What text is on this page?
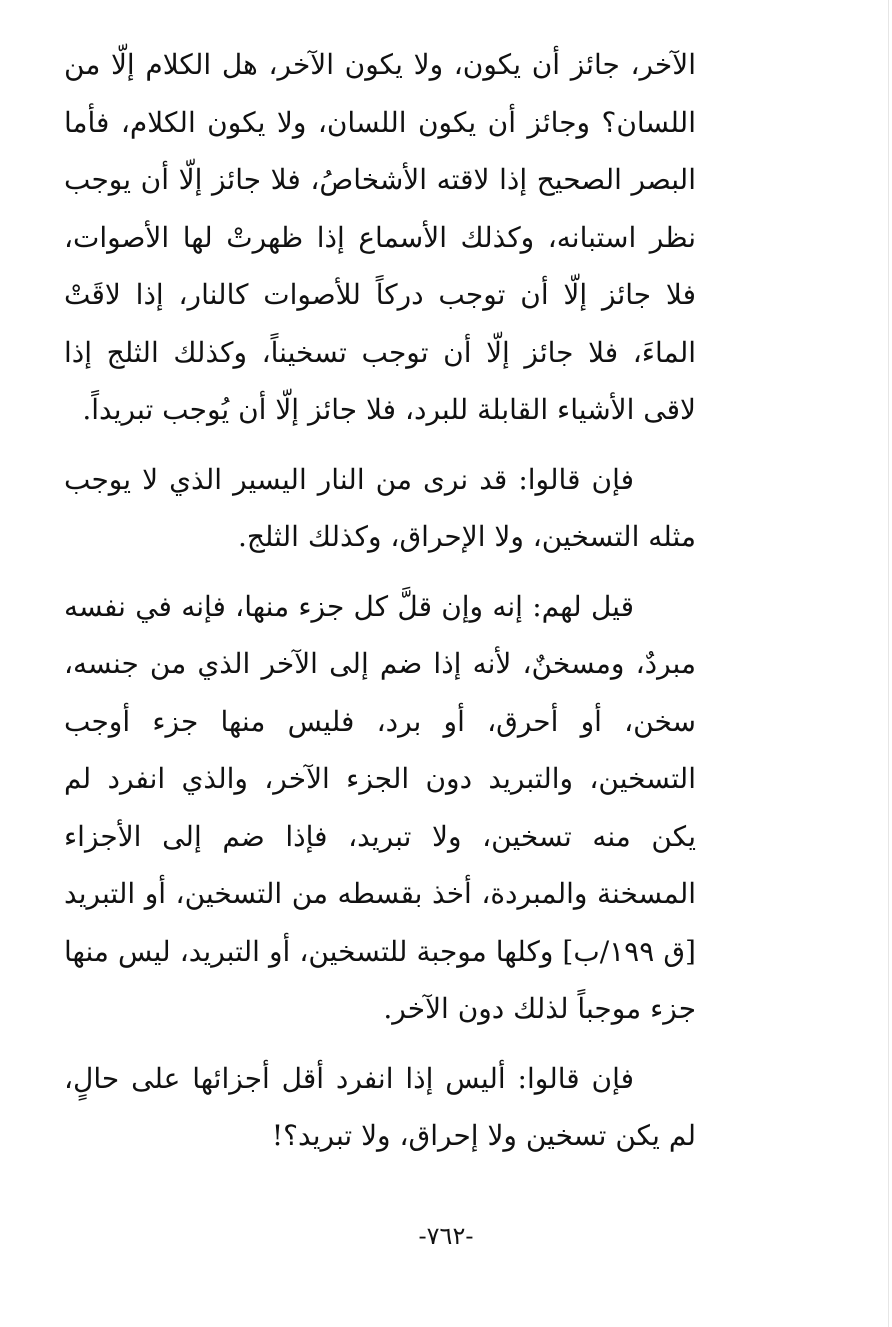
الآخر، جائز أن يكون، ولا يكون الآخر، هل الكلام إلّا من اللسان؟ وجائز أن يكون اللسان، ولا يكون الكلام، فأما البصر الصحيح إذا لاقته الأشخاصُ، فلا جائز إلّا أن يوجب نظر استبانه، وكذلك الأسماع إذا ظهرتْ لها الأصوات، فلا جائز إلّا أن توجب دركاً للأصوات كالنار، إذا لاقَتْ الماءَ، فلا جائز إلّا أن توجب تسخيناً، وكذلك الثلج إذا لاقى الأشياء القابلة للبرد، فلا جائز إلّا أن يُوجب تبريداً.

فإن قالوا: قد نرى من النار اليسير الذي لا يوجب مثله التسخين، ولا الإحراق، وكذلك الثلج.

قيل لهم: إنه وإن قلَّ كل جزء منها، فإنه في نفسه مبردٌ، ومسخنٌ، لأنه إذا ضم إلى الآخر الذي من جنسه، سخن، أو أحرق، أو برد، فليس منها جزء أوجب التسخين، والتبريد دون الجزء الآخر، والذي انفرد لم يكن منه تسخين، ولا تبريد، فإذا ضم إلى الأجزاء المسخنة والمبردة، أخذ بقسطه من التسخين، أو التبريد [ق ١٩٩/ب] وكلها موجبة للتسخين، أو التبريد، ليس منها جزء موجباً لذلك دون الآخر.

فإن قالوا: أليس إذا انفرد أقل أجزائها على حالٍ، لم يكن تسخين ولا إحراق، ولا تبريد؟!

-٧٦٢-
